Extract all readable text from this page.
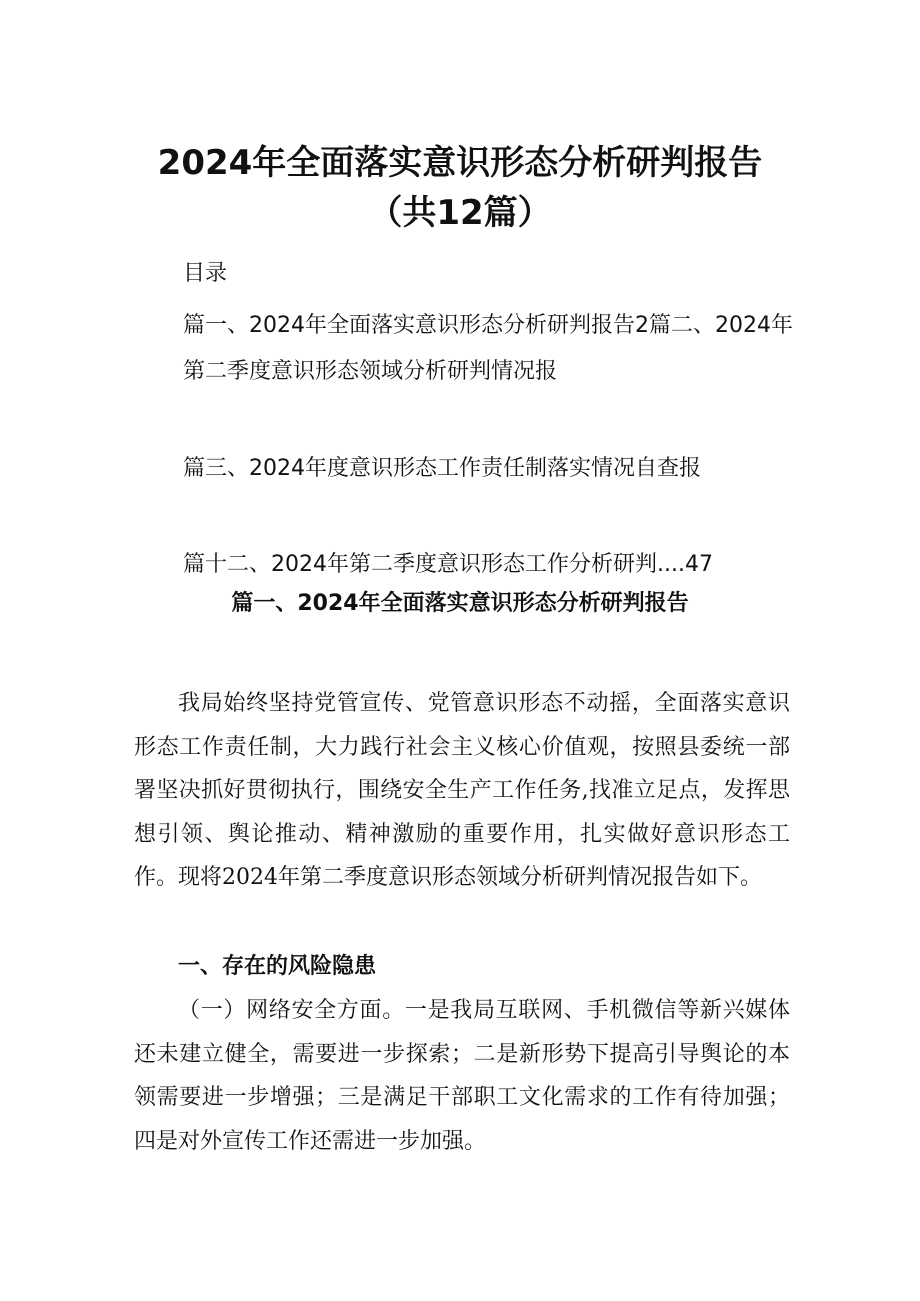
2024年全面落实意识形态分析研判报告（共12篇）

目录

篇一、2024年全面落实意识形态分析研判报告2篇二、2024年第二季度意识形态领域分析研判情况报

篇三、2024年度意识形态工作责任制落实情况自查报

篇十二、2024年第二季度意识形态工作分析研判....47

篇一、2024年全面落实意识形态分析研判报告

我局始终坚持党管宣传、党管意识形态不动摇，全面落实意识形态工作责任制，大力践行社会主义核心价值观，按照县委统一部署坚决抓好贯彻执行，围绕安全生产工作任务,找准立足点，发挥思想引领、舆论推动、精神激励的重要作用，扎实做好意识形态工作。现将2024年第二季度意识形态领域分析研判情况报告如下。

一、存在的风险隐患

（一）网络安全方面。一是我局互联网、手机微信等新兴媒体还未建立健全，需要进一步探索；二是新形势下提高引导舆论的本领需要进一步增强；三是满足干部职工文化需求的工作有待加强；四是对外宣传工作还需进一步加强。
